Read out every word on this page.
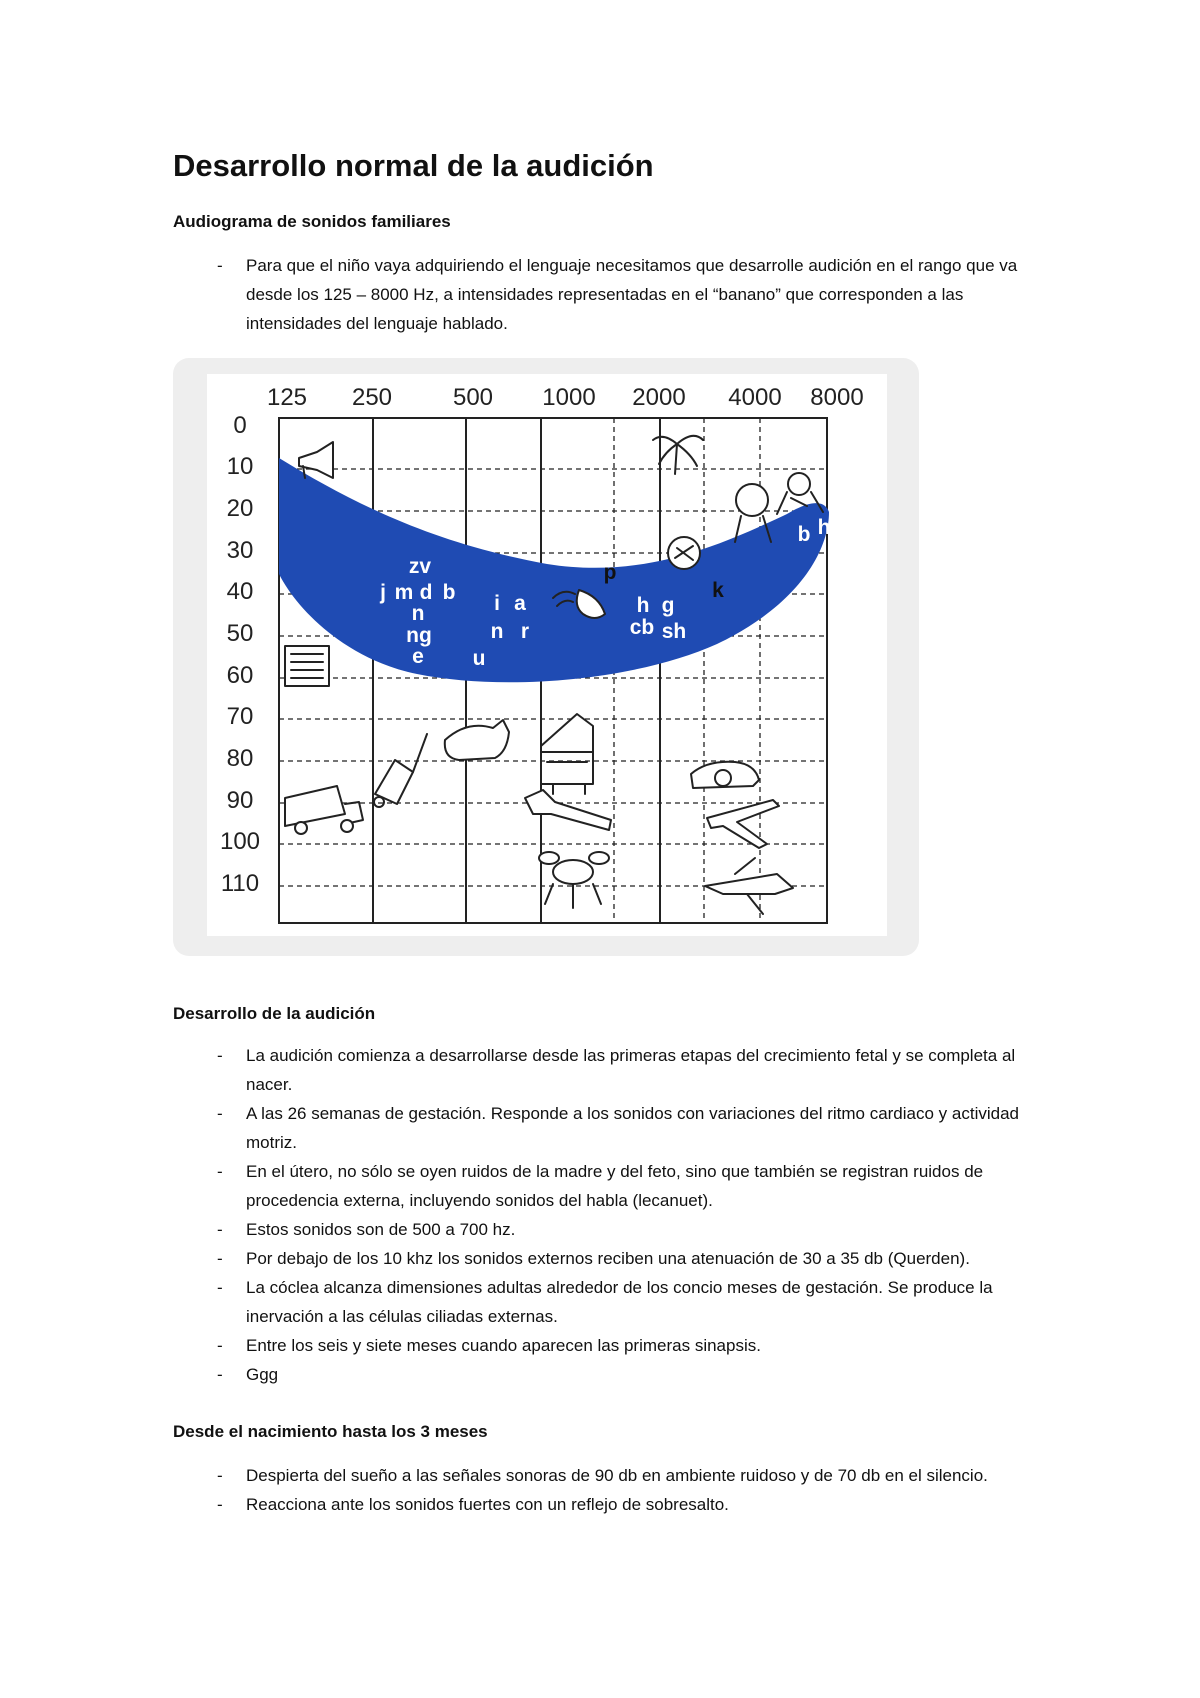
Desarrollo normal de la audición
Audiograma de sonidos familiares
- Para que el niño vaya adquiriendo el lenguaje necesitamos que desarrolle audición en el rango que va desde los 125 – 8000 Hz, a intensidades representadas en el “banano” que corresponden a las intensidades del lenguaje hablado.
125 250	500 1000 2000 4000 8000
0
10
20
30
40
50
60
70
80
90
100
110
zv
j m d b
n
ng
e
i a
n r
u
p
h g
cb sh
k
b h
Desarrollo de la audición
- La audición comienza a desarrollarse desde las primeras etapas del crecimiento fetal y se completa al nacer.
- A las 26 semanas de gestación. Responde a los sonidos con variaciones del ritmo cardiaco y actividad motriz.
- En el útero, no sólo se oyen ruidos de la madre y del feto, sino que también se registran ruidos de procedencia externa, incluyendo sonidos del habla (lecanuet).
- Estos sonidos son de 500 a 700 hz.
- Por debajo de los 10 khz los sonidos externos reciben una atenuación de 30 a 35 db (Querden).
- La cóclea alcanza dimensiones adultas alrededor de los concio meses de gestación. Se produce la inervación a las células ciliadas externas.
- Entre los seis y siete meses cuando aparecen las primeras sinapsis.
- Ggg
Desde el nacimiento hasta los 3 meses
- Despierta del sueño a las señales sonoras de 90 db en ambiente ruidoso y de 70 db en el silencio.
- Reacciona ante los sonidos fuertes con un reflejo de sobresalto.
